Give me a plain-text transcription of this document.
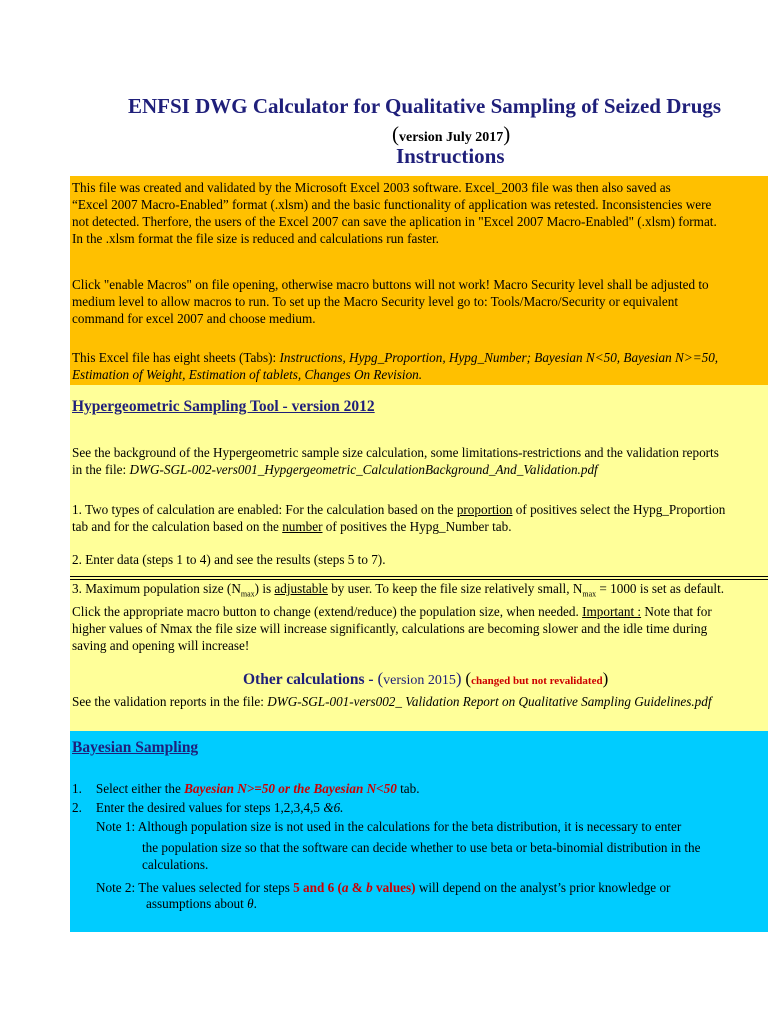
ENFSI DWG Calculator for Qualitative Sampling of Seized Drugs
(version July 2017)
Instructions
This file was created and validated by the Microsoft Excel 2003 software. Excel_2003 file was then also saved as
“Excel 2007 Macro-Enabled” format (.xlsm) and the basic functionality of application was retested. Inconsistencies were
not detected. Therfore, the users of the Excel 2007 can save the aplication in "Excel 2007 Macro-Enabled" (.xlsm) format.
In the .xlsm format the file size is reduced and calculations run faster.
Click "enable Macros" on file opening, otherwise macro buttons will not work! Macro Security level shall be adjusted to
medium level to allow macros to run. To set up the Macro Security level go to: Tools/Macro/Security or equivalent
command for excel 2007 and choose medium.
This Excel file has eight sheets (Tabs): Instructions, Hypg_Proportion, Hypg_Number; Bayesian N<50, Bayesian N>=50,
Estimation of Weight, Estimation of tablets, Changes On Revision.
Hypergeometric Sampling Tool - version 2012
See the background of the Hypergeometric sample size calculation, some limitations-restrictions and the validation reports
in the file: DWG-SGL-002-vers001_Hypgergeometric_CalculationBackground_And_Validation.pdf
1. Two types of calculation are enabled: For the calculation based on the proportion of positives select the Hypg_Proportion
tab and for the calculation based on the number of positives the Hypg_Number tab.
2. Enter data (steps 1 to 4) and see the results (steps 5 to 7).
3. Maximum population size $(N_{max})$ is adjustable by user. To keep the file size relatively small, $N_{max} = 1000$ is set as default.
Click the appropriate macro button to change (extend/reduce) the population size, when needed. Important : Note that for
higher values of Nmax the file size will increase significantly, calculations are becoming slower and the idle time during
saving and opening will increase!
Other calculations - (version 2015) (changed but not revalidated)
See the validation reports in the file: DWG-SGL-001-vers002_ Validation Report on Qualitative Sampling Guidelines.pdf
Bayesian Sampling
1. Select either the Bayesian N>=50 or the Bayesian N<50 tab.
2. Enter the desired values for steps 1,2,3,4,5 &6.
Note 1: Although population size is not used in the calculations for the beta distribution, it is necessary to enter
the population size so that the software can decide whether to use beta or beta-binomial distribution in the
calculations.
Note 2: The values selected for steps 5 and 6 (a & b values) will depend on the analyst’s prior knowledge or
assumptions about θ.
